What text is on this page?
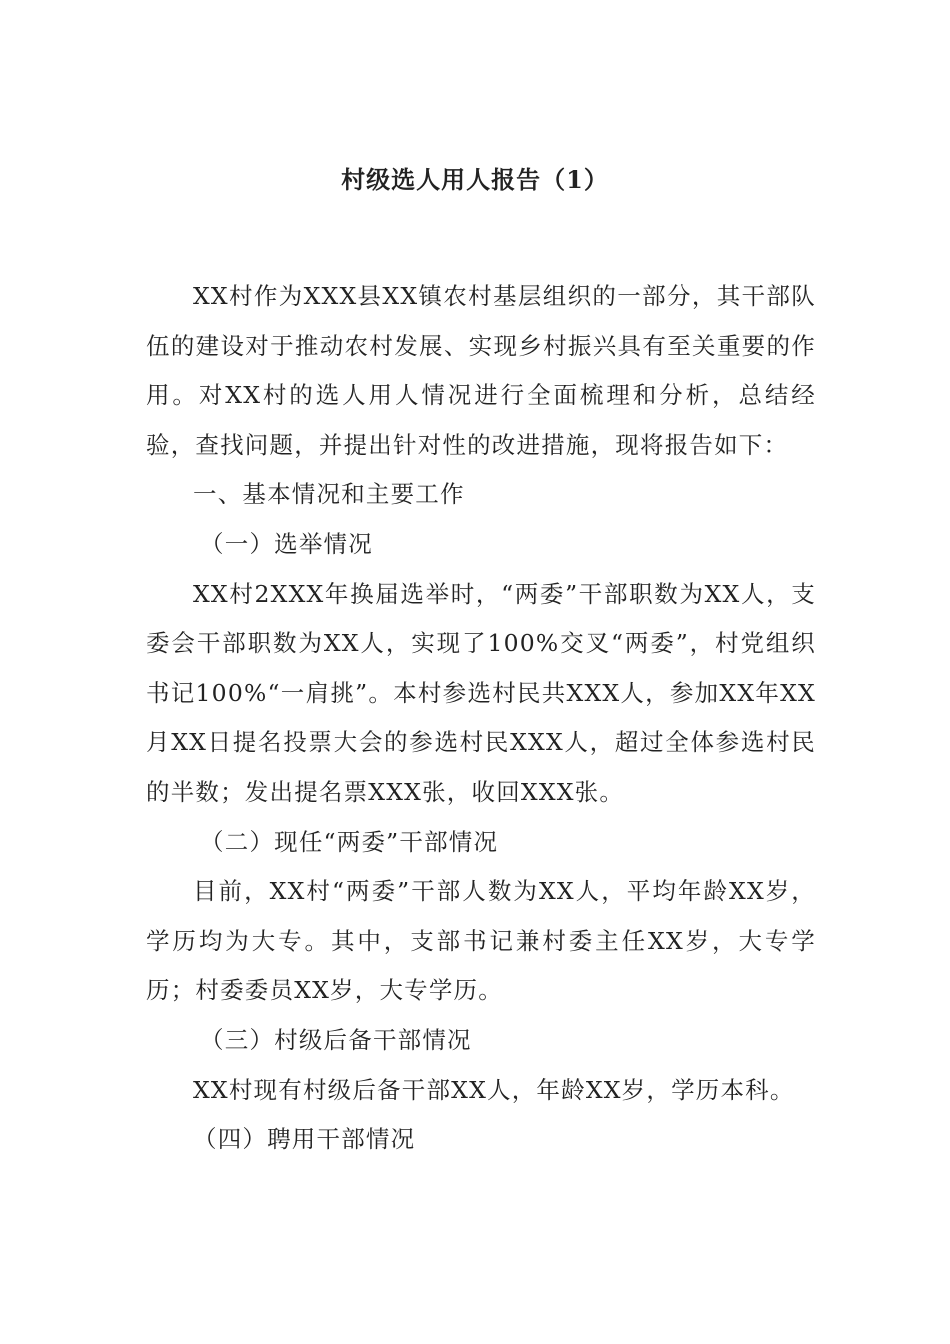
村级选人用人报告（1）

XX村作为XXX县XX镇农村基层组织的一部分，其干部队伍的建设对于推动农村发展、实现乡村振兴具有至关重要的作用。对XX村的选人用人情况进行全面梳理和分析，总结经验，查找问题，并提出针对性的改进措施，现将报告如下：

一、基本情况和主要工作

（一）选举情况

XX村2XXX年换届选举时，“两委”干部职数为XX人，支委会干部职数为XX人，实现了100%交叉“两委”，村党组织书记100%“一肩挑”。本村参选村民共XXX人，参加XX年XX月XX日提名投票大会的参选村民XXX人，超过全体参选村民的半数；发出提名票XXX张，收回XXX张。

（二）现任“两委”干部情况

目前，XX村“两委”干部人数为XX人，平均年龄XX岁，学历均为大专。其中，支部书记兼村委主任XX岁，大专学历；村委委员XX岁，大专学历。

（三）村级后备干部情况

XX村现有村级后备干部XX人，年龄XX岁，学历本科。

（四）聘用干部情况
